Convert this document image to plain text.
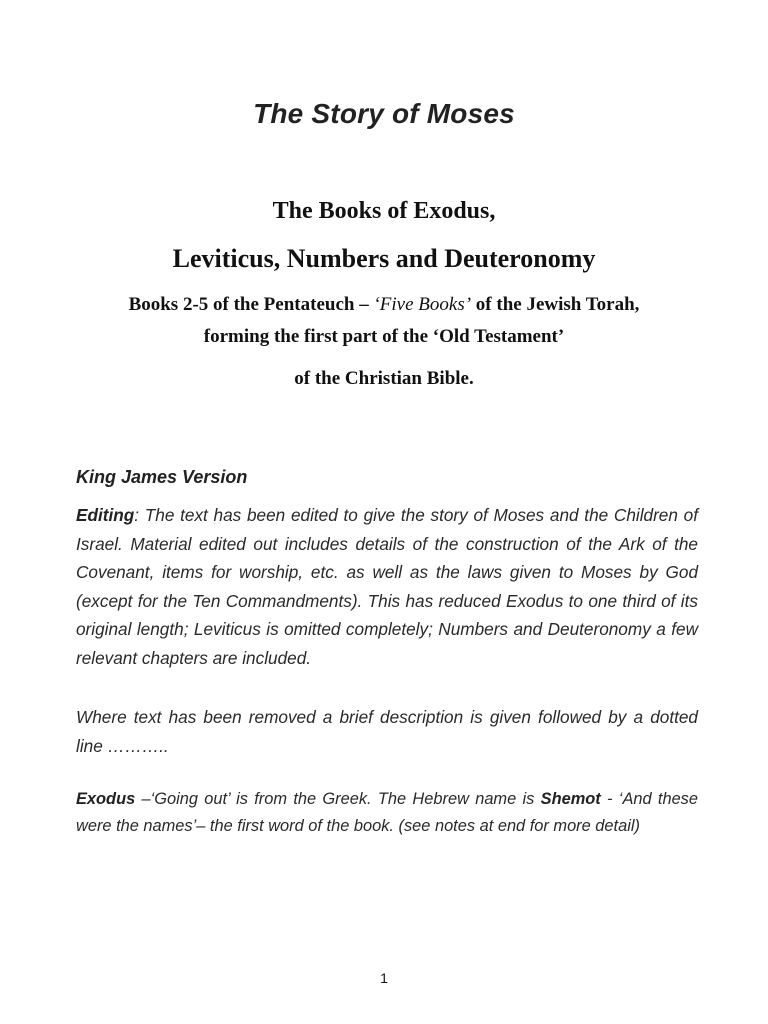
The Story of Moses
The Books of Exodus,
Leviticus, Numbers and Deuteronomy
Books 2-5 of the Pentateuch – ‘Five Books’ of the Jewish Torah,
forming the first part of the ‘Old Testament’
of the Christian Bible.
King James Version
Editing: The text has been edited to give the story of Moses and the Children of Israel. Material edited out includes details of the construction of the Ark of the Covenant, items for worship, etc. as well as the laws given to Moses by God (except for the Ten Commandments). This has reduced Exodus to one third of its original length; Leviticus is omitted completely; Numbers and Deuteronomy a few relevant chapters are included.
Where text has been removed a brief description is given followed by a dotted line ………..
Exodus –‘Going out’ is from the Greek. The Hebrew name is Shemot - ‘And these were the names’– the first word of the book. (see notes at end for more detail)
1
